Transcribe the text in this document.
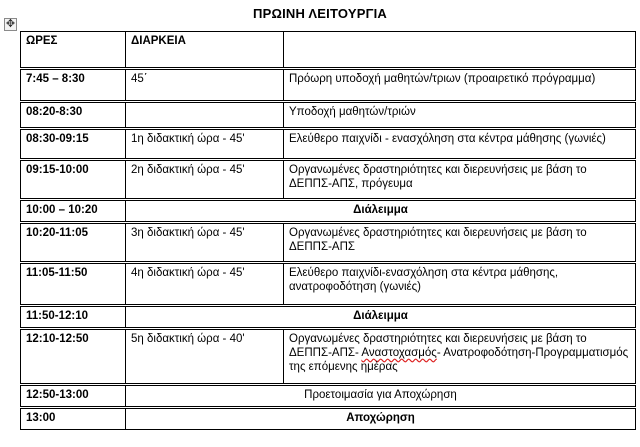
✥
ΠΡΩΙΝΗ ΛΕΙΤΟΥΡΓΙΑ
ΩΡΕΣ	ΔΙΑΡΚΕΙΑ	
7:45 – 8:30	45΄	Πρόωρη υποδοχή μαθητών/τριων (προαιρετικό πρόγραμμα)
08:20-8:30		Υποδοχή μαθητών/τριών
08:30-09:15	1η διδακτική ώρα - 45'	Ελεύθερο παιχνίδι - ενασχόληση στα κέντρα μάθησης (γωνιές)
09:15-10:00	2η διδακτική ώρα - 45'	Οργανωμένες δραστηριότητες και διερευνήσεις με βάση το ΔΕΠΠΣ-ΑΠΣ, πρόγευμα
10:00 – 10:20	Διάλειμμα	
10:20-11:05	3η διδακτική ώρα - 45'	Οργανωμένες δραστηριότητες και διερευνήσεις με βάση το ΔΕΠΠΣ-ΑΠΣ
11:05-11:50	4η διδακτική ώρα - 45'	Ελεύθερο παιχνίδι-ενασχόληση στα κέντρα μάθησης, ανατροφοδότηση (γωνιές)
11:50-12:10	Διάλειμμα	
12:10-12:50	5η διδακτική ώρα - 40'	Οργανωμένες δραστηριότητες και διερευνήσεις με βάση το ΔΕΠΠΣ-ΑΠΣ- Αναστοχασμός- Ανατροφοδότηση-Προγραμματισμός της επόμενης ημέρας
12:50-13:00	Προετοιμασία για Αποχώρηση	
13:00	Αποχώρηση	
